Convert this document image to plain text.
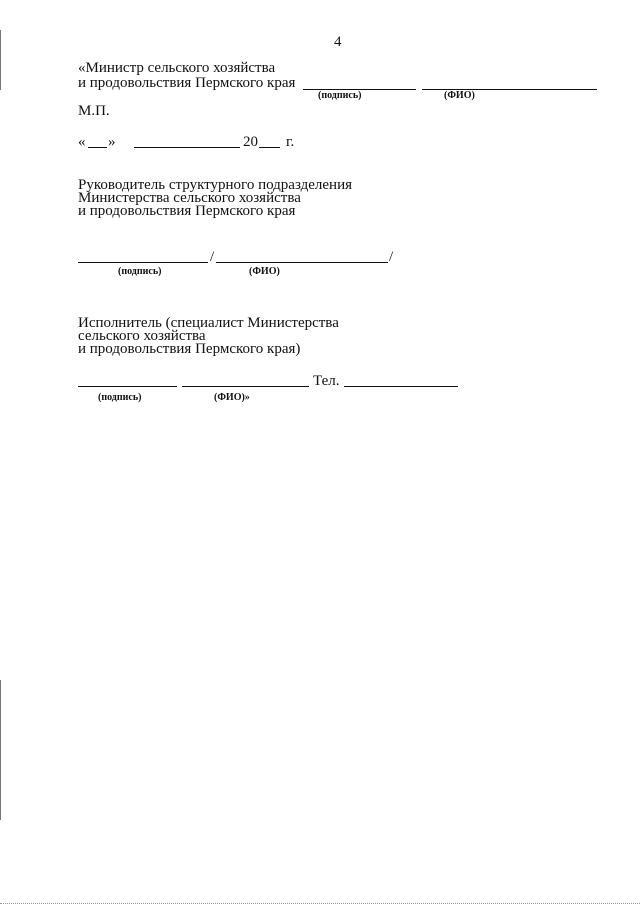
4
«Министр сельского хозяйства
и продовольствия Пермского края
(подпись)	(ФИО)
М.П.
« »	20 г.
Руководитель структурного подразделения
Министерства сельского хозяйства
и продовольствия Пермского края
/	/
(подпись)	(ФИО)
Исполнитель (специалист Министерства
сельского хозяйства
и продовольствия Пермского края)
Тел.
(подпись)	(ФИО)»
